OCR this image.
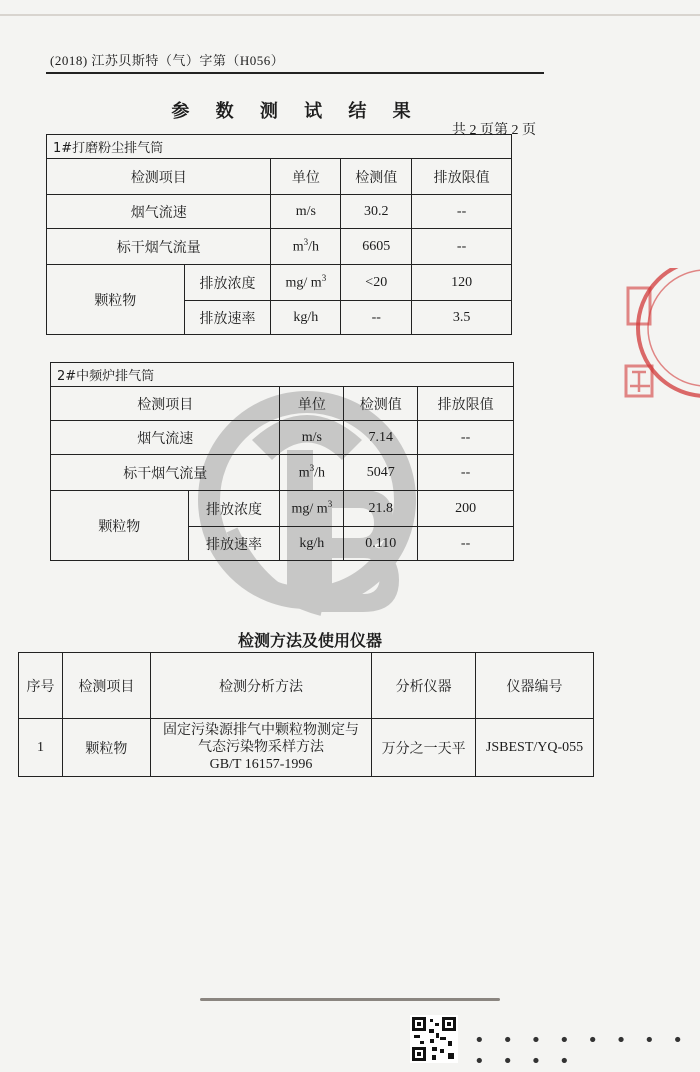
(2018) 江苏贝斯特（气）字第（H056）
参 数 测 试 结 果
共 2 页第 2 页
1#打磨粉尘排气筒				
检测项目		单位	检测值	排放限值
烟气流速		m/s	30.2	--
标干烟气流量		$m^3/h$	6605	--
颗粒物	排放浓度	mg/ $m^3$	<20	120
	排放速率	kg/h	--	3.5
2#中频炉排气筒				
检测项目		单位	检测值	排放限值
烟气流速		m/s	7.14	--
标干烟气流量		$m^3/h$	5047	--
颗粒物	排放浓度	mg/ $m^3$	21.8	200
	排放速率	kg/h	0.110	--
检测方法及使用仪器
序号	检测项目	检测分析方法	分析仪器	仪器编号
1	颗粒物	固定污染源排气中颗粒物测定与
气态污染物采样方法
GB/T 16157-1996	万分之一天平	JSBEST/YQ-055
• • • • • • • • • • • •
